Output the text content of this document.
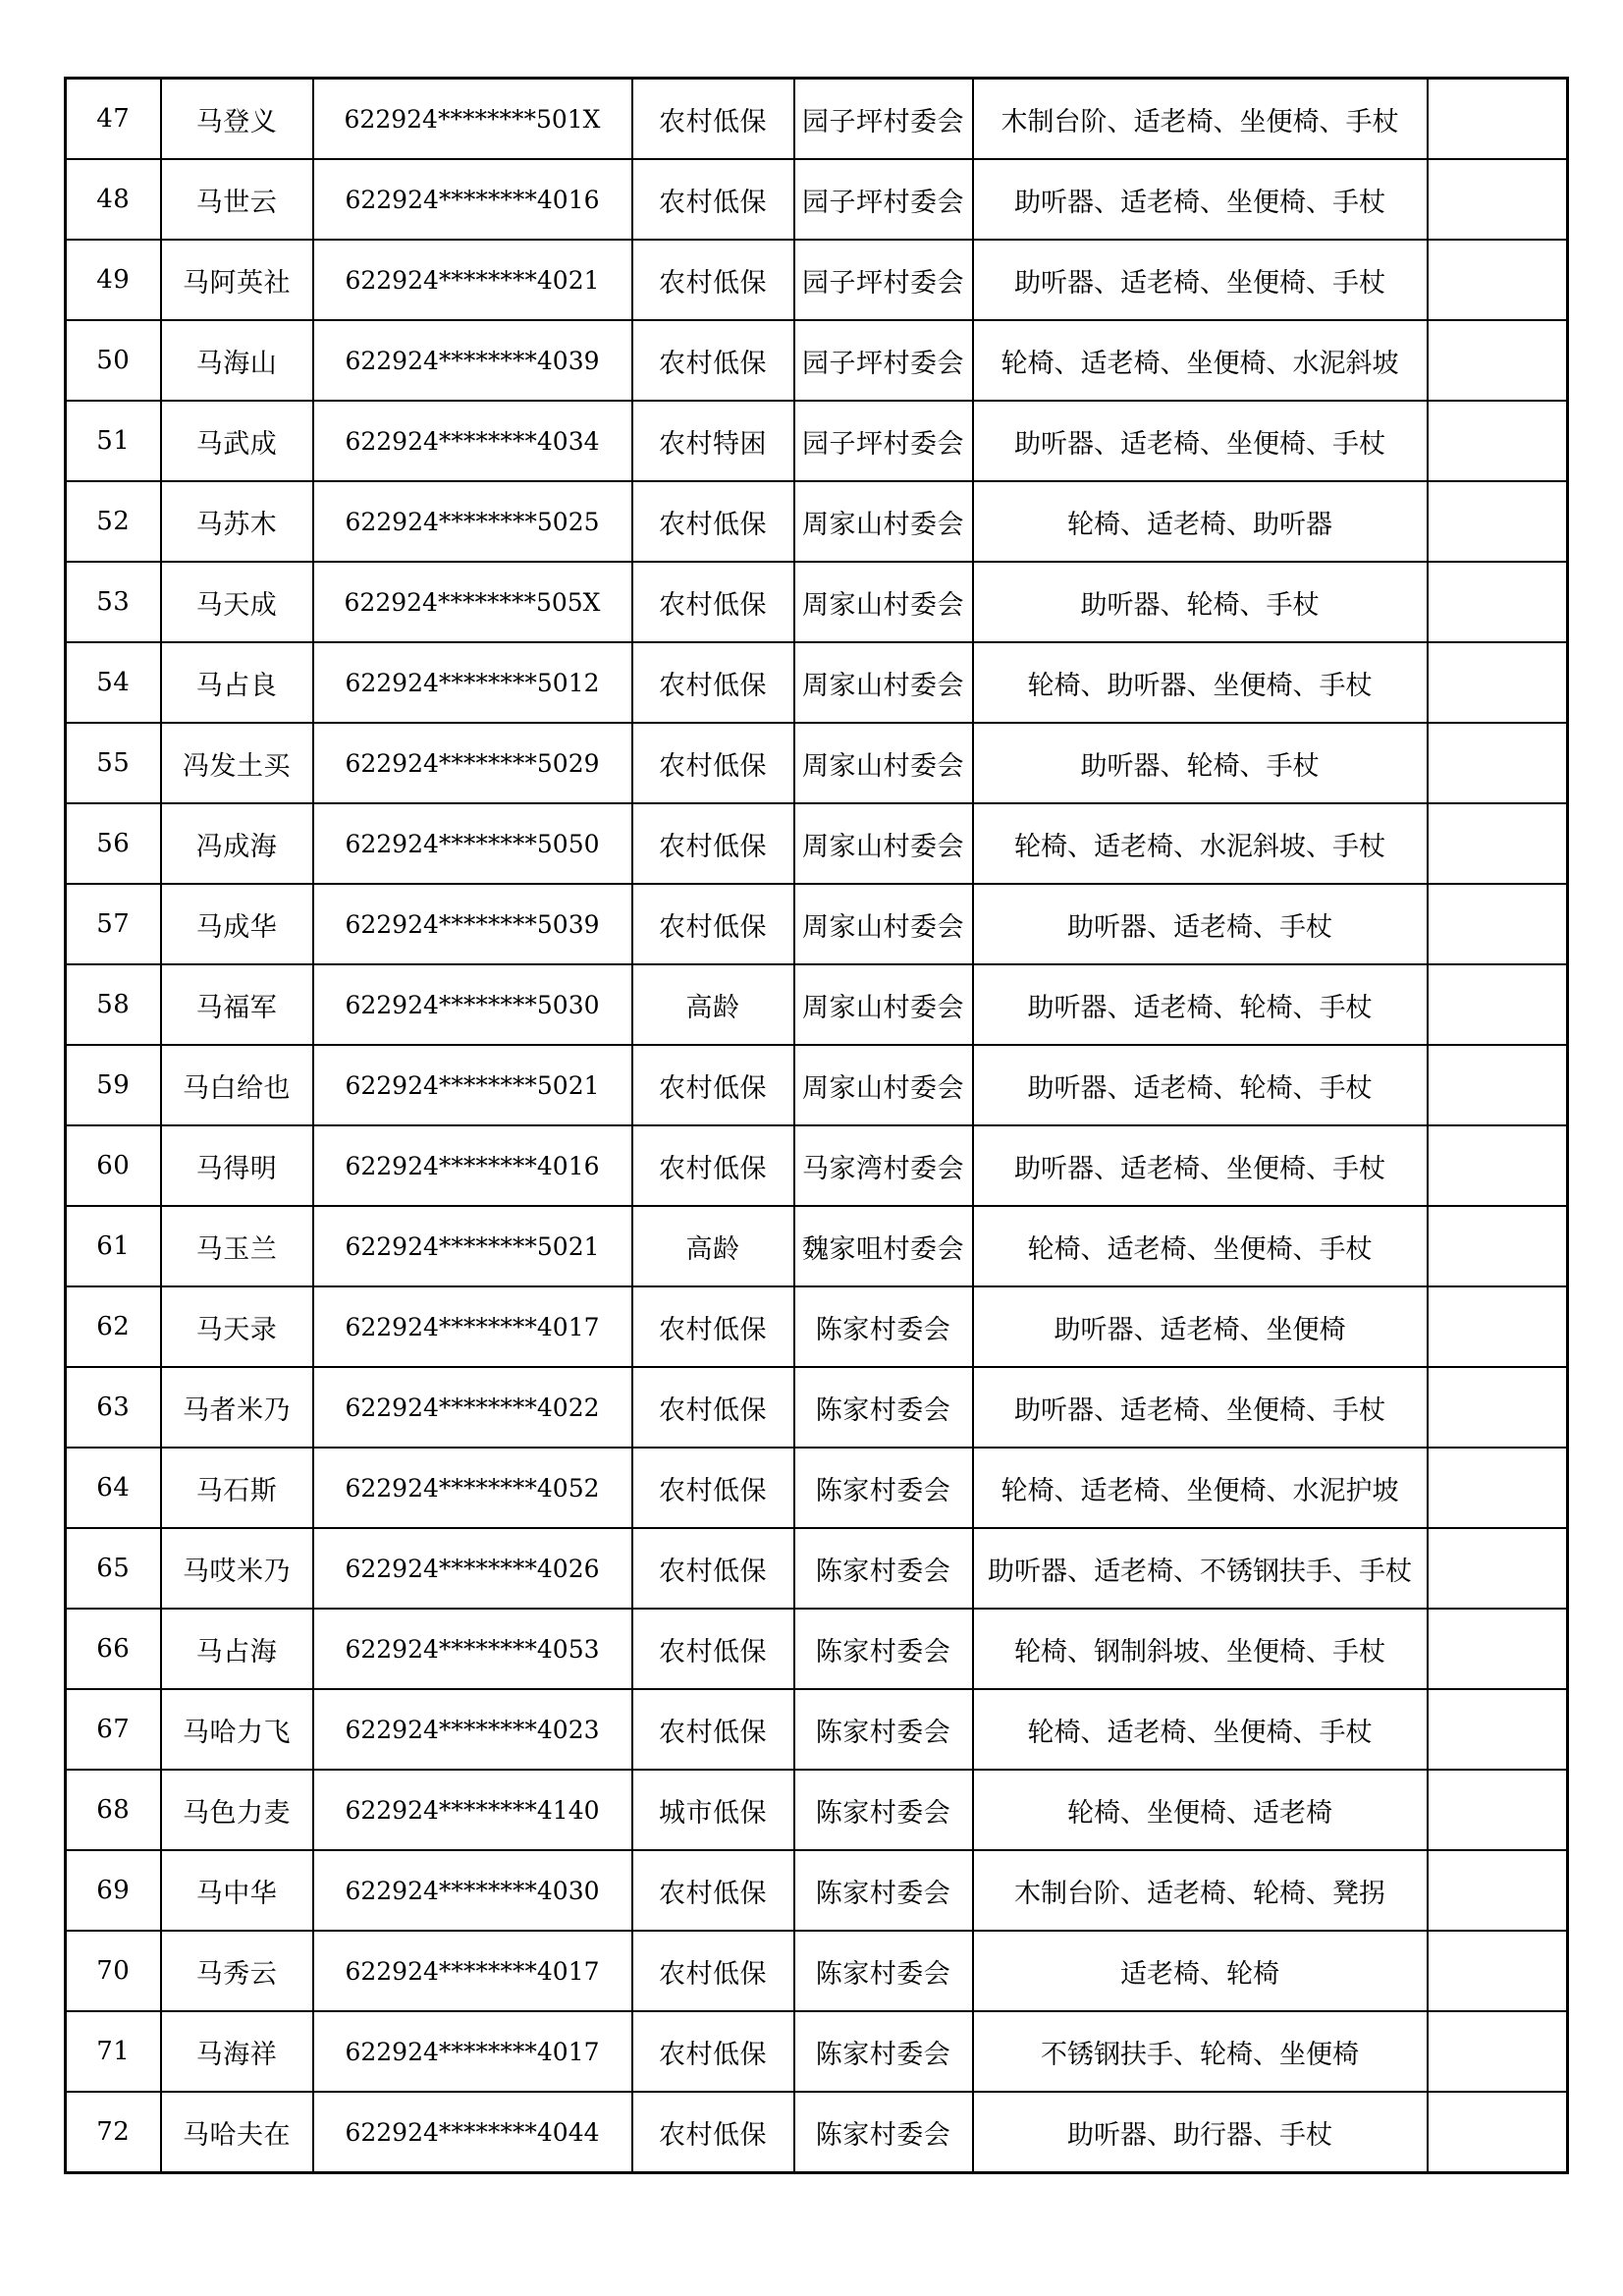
47	马登义	622924********501X	农村低保	园子坪村委会	木制台阶、适老椅、坐便椅、手杖	
48	马世云	622924********4016	农村低保	园子坪村委会	助听器、适老椅、坐便椅、手杖	
49	马阿英社	622924********4021	农村低保	园子坪村委会	助听器、适老椅、坐便椅、手杖	
50	马海山	622924********4039	农村低保	园子坪村委会	轮椅、适老椅、坐便椅、水泥斜坡	
51	马武成	622924********4034	农村特困	园子坪村委会	助听器、适老椅、坐便椅、手杖	
52	马苏木	622924********5025	农村低保	周家山村委会	轮椅、适老椅、助听器	
53	马天成	622924********505X	农村低保	周家山村委会	助听器、轮椅、手杖	
54	马占良	622924********5012	农村低保	周家山村委会	轮椅、助听器、坐便椅、手杖	
55	冯发土买	622924********5029	农村低保	周家山村委会	助听器、轮椅、手杖	
56	冯成海	622924********5050	农村低保	周家山村委会	轮椅、适老椅、水泥斜坡、手杖	
57	马成华	622924********5039	农村低保	周家山村委会	助听器、适老椅、手杖	
58	马福军	622924********5030	高龄	周家山村委会	助听器、适老椅、轮椅、手杖	
59	马白给也	622924********5021	农村低保	周家山村委会	助听器、适老椅、轮椅、手杖	
60	马得明	622924********4016	农村低保	马家湾村委会	助听器、适老椅、坐便椅、手杖	
61	马玉兰	622924********5021	高龄	魏家咀村委会	轮椅、适老椅、坐便椅、手杖	
62	马天录	622924********4017	农村低保	陈家村委会	助听器、适老椅、坐便椅	
63	马者米乃	622924********4022	农村低保	陈家村委会	助听器、适老椅、坐便椅、手杖	
64	马石斯	622924********4052	农村低保	陈家村委会	轮椅、适老椅、坐便椅、水泥护坡	
65	马哎米乃	622924********4026	农村低保	陈家村委会	助听器、适老椅、不锈钢扶手、手杖	
66	马占海	622924********4053	农村低保	陈家村委会	轮椅、钢制斜坡、坐便椅、手杖	
67	马哈力飞	622924********4023	农村低保	陈家村委会	轮椅、适老椅、坐便椅、手杖	
68	马色力麦	622924********4140	城市低保	陈家村委会	轮椅、坐便椅、适老椅	
69	马中华	622924********4030	农村低保	陈家村委会	木制台阶、适老椅、轮椅、凳拐	
70	马秀云	622924********4017	农村低保	陈家村委会	适老椅、轮椅	
71	马海祥	622924********4017	农村低保	陈家村委会	不锈钢扶手、轮椅、坐便椅	
72	马哈夫在	622924********4044	农村低保	陈家村委会	助听器、助行器、手杖	
